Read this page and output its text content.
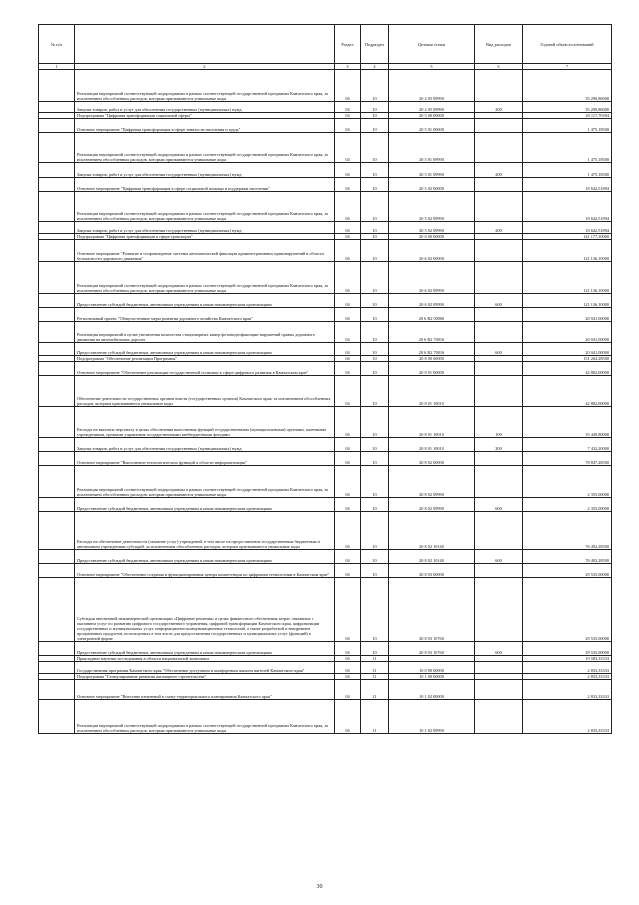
№ п/п		Раздел	Подраздел	Целевая статья	Вид расходов	Годовой объем ассигнований
1	2	3	4	5	6	7
	Реализация мероприятий соответствующей подпрограммы в рамках соответствующей государственной программы Камчатского края, за исключением обособленных расходов, которым присваиваются уникальные коды	04	10	20 2 05 09990		35 290,86000
	Закупка товаров, работ и услуг для обеспечения государственных (муниципальных) нужд	04	10	20 2 05 09990	200	35 290,86000
	Подпрограмма "Цифровая трансформация социальной сферы"	04	10	20 5 00 00000		20 117,70394
	Основное мероприятие "Цифровая трансформация в сфере занятости населения и труда"	04	10	20 5 01 00000		1 475,18500
	Реализация мероприятий соответствующей подпрограммы в рамках соответствующей государственной программы Камчатского края, за исключением обособленных расходов, которым присваиваются уникальные коды	04	10	20 5 01 09990		1 475,18500
	Закупка товаров, работ и услуг для обеспечения государственных (муниципальных) нужд	04	10	20 5 01 09990	200	1 475,18500
	Основное мероприятие "Цифровая трансформация в сфере социальной помощи и поддержки населения"	04	10	20 5 02 00000		18 642,51894
	Реализация мероприятий соответствующей подпрограммы в рамках соответствующей государственной программы Камчатского края, за исключением обособленных расходов, которым присваиваются уникальные коды	04	10	20 5 02 09990		18 642,51894
	Закупка товаров, работ и услуг для обеспечения государственных (муниципальных) нужд	04	10	20 5 02 09990	200	18 642,51894
	Подпрограмма "Цифровая трансформация в сфере транспорта"	04	10	20 6 00 00000		141 177,10000
	Основное мероприятие "Развитие и сопровождение системы автоматической фиксации административных правонарушений в области безопасности дорожного движения"	04	10	20 6 02 00000		121 136,10000
	Реализация мероприятий соответствующей подпрограммы в рамках соответствующей государственной программы Камчатского края, за исключением обособленных расходов, которым присваиваются уникальные коды	04	10	20 6 02 09990		121 136,10000
	Предоставление субсидий бюджетным, автономным учреждениям и иным некоммерческим организациям	04	10	20 6 02 09990	600	121 136,10000
	Региональный проект "Общесистемные меры развития дорожного хозяйства Камчатского края"	04	10	20 6 R2 00000		20 041,00000
	Реализация мероприятий в целях увеличения количества стационарных камер фотовидеофиксации нарушений правил дорожного движения на автомобильных дорогах	04	10	20 6 R2 70016		20 041,00000
	Предоставление субсидий бюджетным, автономным учреждениям и иным некоммерческим организациям	04	10	20 6 R2 70016	600	20 041,00000
	Подпрограмма "Обеспечение реализации Программы"	04	10	20 8 00 00000		151 264,28500
	Основное мероприятие "Обеспечение реализации государственной политики в сфере цифрового развития в Камчатском крае"	04	10	20 8 01 00000		42 882,00000
	Обеспечение деятельности государственных органов власти (государственных органов) Камчатского края, за исключением обособленных расходов, которым присваиваются уникальные коды	04	10	20 8 01 10010		42 882,00000
	Расходы на выплаты персоналу в целях обеспечения выполнения функций государственными (муниципальными) органами, казенными учреждениями, органами управления государственными внебюджетными фондами	04	10	20 8 01 10010	100	35 449,80000
	Закупка товаров, работ и услуг для обеспечения государственных (муниципальных) нужд	04	10	20 8 01 10010	200	7 432,20000
	Основное мероприятие "Выполнение технологических функций в области информатизации"	04	10	20 8 02 00000		78 847,28500
	Реализация мероприятий соответствующей подпрограммы в рамках соответствующей государственной программы Камчатского края, за исключением обособленных расходов, которым присваиваются уникальные коды	04	10	20 8 02 09990		2 355,00000
	Предоставление субсидий бюджетным, автономным учреждениям и иным некоммерческим организациям	04	10	20 8 02 09990	600	2 355,00000
	Расходы на обеспечение деятельности (оказание услуг) учреждений, в том числе на предоставление государственным бюджетным и автономным учреждениям субсидий, за исключением обособленных расходов, которым присваиваются уникальные коды	04	10	20 8 02 10140		76 492,28500
	Предоставление субсидий бюджетным, автономным учреждениям и иным некоммерческим организациям	04	10	20 8 02 10140	600	76 492,28500
	Основное мероприятие "Обеспечение создания и функционирования центра компетенции по цифровым технологиям в Камчатском крае"	04	10	20 8 03 00000		29 535,00000
	Субсидия автономной некоммерческой организации «Цифровые решения» в целях финансового обеспечения затрат, связанных с оказанием услуг по развитию цифрового государственного управления, цифровой трансформации Камчатского края, цифровизации государственных и муниципальных услуг, информационно-коммуникационных технологий, а также разработкой и внедрением программных продуктов, используемых в том числе для предоставления государственных и муниципальных услуг (функций) в электронной форме	04	10	20 8 03 10760		29 535,00000
	Предоставление субсидий бюджетным, автономным учреждениям и иным некоммерческим организациям	04	10	20 8 03 10760	600	29 535,00000
	Прикладные научные исследования в области национальной экономики	04	11			19 583,33333
	Государственная программа Камчатского края "Обеспечение доступным и комфортным жильем жителей Камчатского края"	04	11	10 0 00 00000		2 833,33333
	Подпрограмма "Стимулирование развития жилищного строительства"	04	11	10 1 00 00000		2 833,33333
	Основное мероприятие "Внесение изменений в схему территориального планирования Камчатского края"	04	11	10 1 02 00000		2 833,33333
	Реализация мероприятий соответствующей подпрограммы в рамках соответствующей государственной программы Камчатского края, за исключением обособленных расходов, которым присваиваются уникальные коды	04	11	10 1 02 09990		2 833,33333
30
